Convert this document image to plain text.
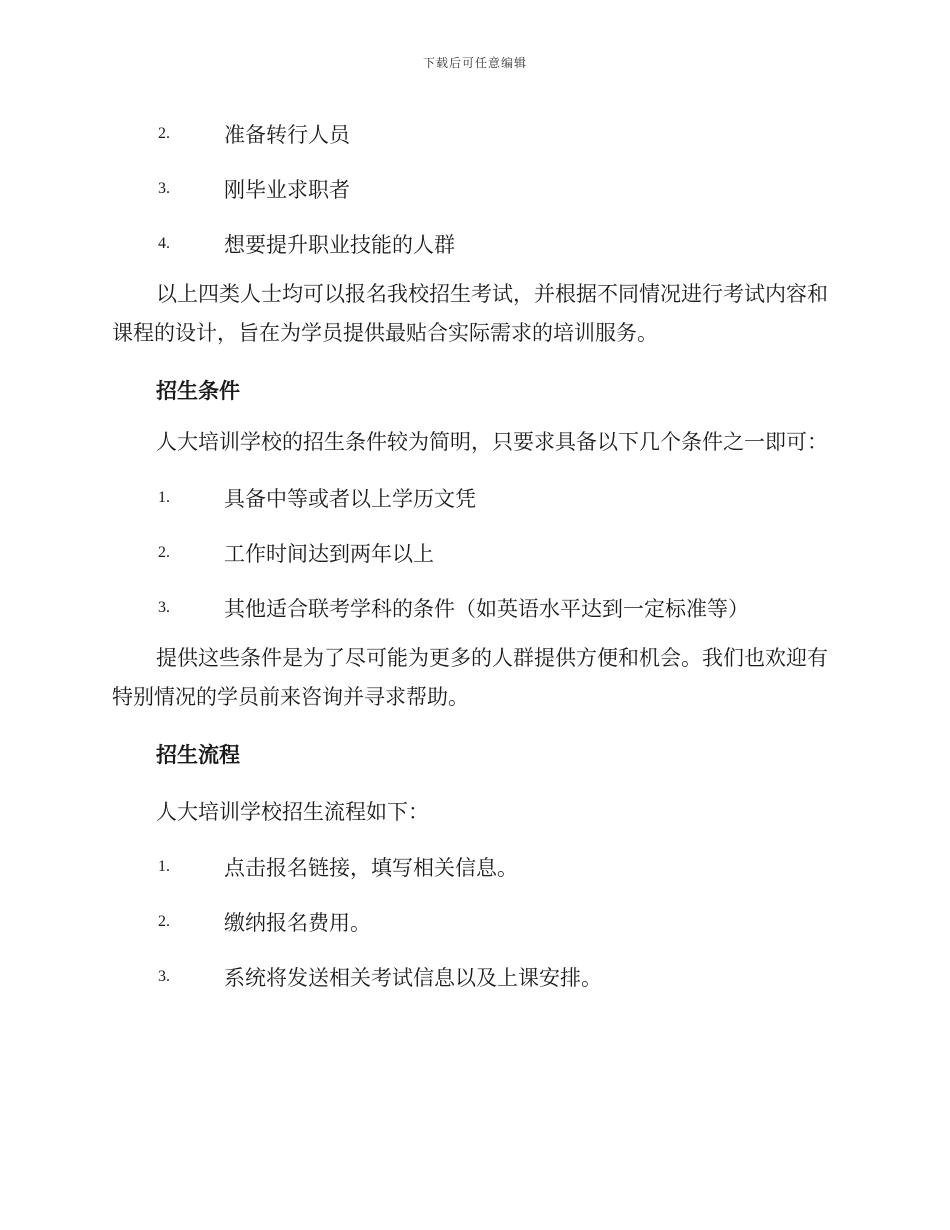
下载后可任意编辑
2.	准备转行人员
3.	刚毕业求职者
4.	想要提升职业技能的人群

以上四类人士均可以报名我校招生考试，并根据不同情况进行考试内容和课程的设计，旨在为学员提供最贴合实际需求的培训服务。

招生条件

人大培训学校的招生条件较为简明，只要求具备以下几个条件之一即可：

1.	具备中等或者以上学历文凭
2.	工作时间达到两年以上
3.	其他适合联考学科的条件（如英语水平达到一定标准等）

提供这些条件是为了尽可能为更多的人群提供方便和机会。我们也欢迎有特别情况的学员前来咨询并寻求帮助。

招生流程
人大培训学校招生流程如下：
1.	点击报名链接，填写相关信息。
2.	缴纳报名费用。
3.	系统将发送相关考试信息以及上课安排。
